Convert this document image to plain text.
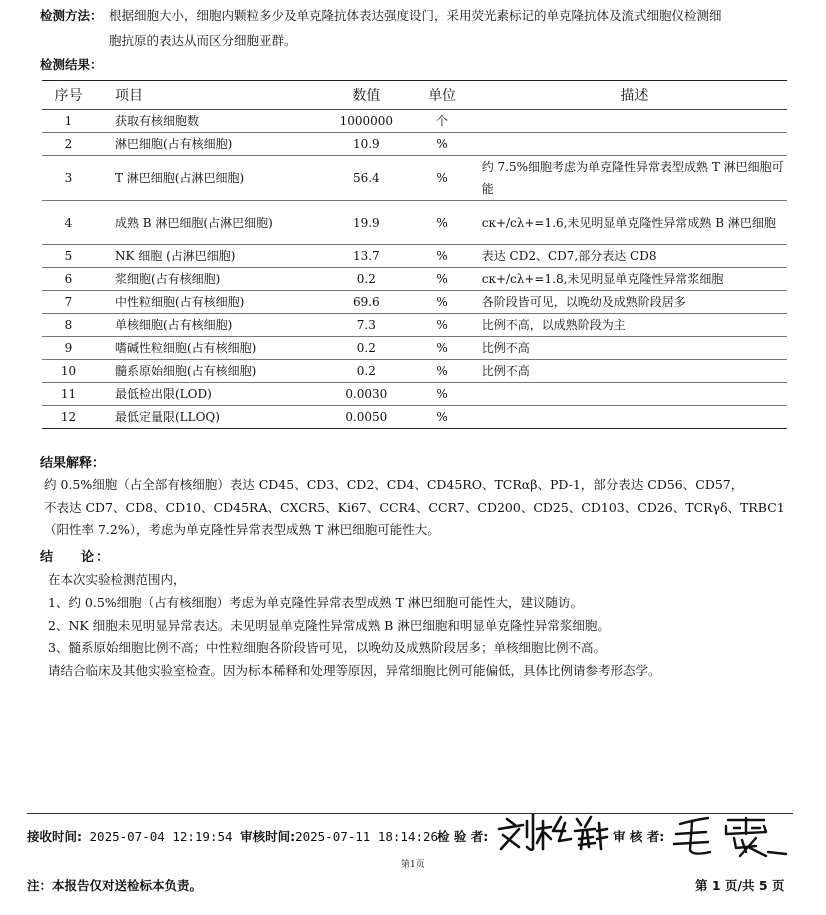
检测方法： 根据细胞大小，细胞内颗粒多少及单克隆抗体表达强度设门，采用荧光素标记的单克隆抗体及流式细胞仪检测细
胞抗原的表达从而区分细胞亚群。
检测结果：
序号	项目	数值	单位	描述
1	获取有核细胞数	1000000	个	
2	淋巴细胞(占有核细胞)	10.9	%	
3	T 淋巴细胞(占淋巴细胞)	56.4	%	约 7.5%细胞考虑为单克隆性异常表型成熟 T 淋巴细胞可能
4	成熟 B 淋巴细胞(占淋巴细胞)	19.9	%	cκ+/cλ+=1.6,未见明显单克隆性异常成熟 B 淋巴细胞
5	NK 细胞 (占淋巴细胞)	13.7	%	表达 CD2、CD7,部分表达 CD8
6	浆细胞(占有核细胞)	0.2	%	cκ+/cλ+=1.8,未见明显单克隆性异常浆细胞
7	中性粒细胞(占有核细胞)	69.6	%	各阶段皆可见，以晚幼及成熟阶段居多
8	单核细胞(占有核细胞)	7.3	%	比例不高，以成熟阶段为主
9	嗜碱性粒细胞(占有核细胞)	0.2	%	比例不高
10	髓系原始细胞(占有核细胞)	0.2	%	比例不高
11	最低检出限(LOD)	0.0030	%	
12	最低定量限(LLOQ)	0.0050	%	
结果解释：
约 0.5%细胞（占全部有核细胞）表达 CD45、CD3、CD2、CD4、CD45RO、TCRαβ、PD-1，部分表达 CD56、CD57，
不表达 CD7、CD8、CD10、CD45RA、CXCR5、Ki67、CCR4、CCR7、CD200、CD25、CD103、CD26、TCRγδ、TRBC1
（阳性率 7.2%），考虑为单克隆性异常表型成熟 T 淋巴细胞可能性大。
结 论：
在本次实验检测范围内，
1、约 0.5%细胞（占有核细胞）考虑为单克隆性异常表型成熟 T 淋巴细胞可能性大，建议随访。
2、NK 细胞未见明显异常表达。未见明显单克隆性异常成熟 B 淋巴细胞和明显单克隆性异常浆细胞。
3、髓系原始细胞比例不高；中性粒细胞各阶段皆可见，以晚幼及成熟阶段居多；单核细胞比例不高。
请结合临床及其他实验室检查。因为标本稀释和处理等原因，异常细胞比例可能偏低，具体比例请参考形态学。
接收时间: 2025-07-04 12:19:54 审核时间:2025-07-11 18:14:26
检 验 者:	审 核 者:
第1页
注：本报告仅对送检标本负责。	第 1 页/共 5 页
